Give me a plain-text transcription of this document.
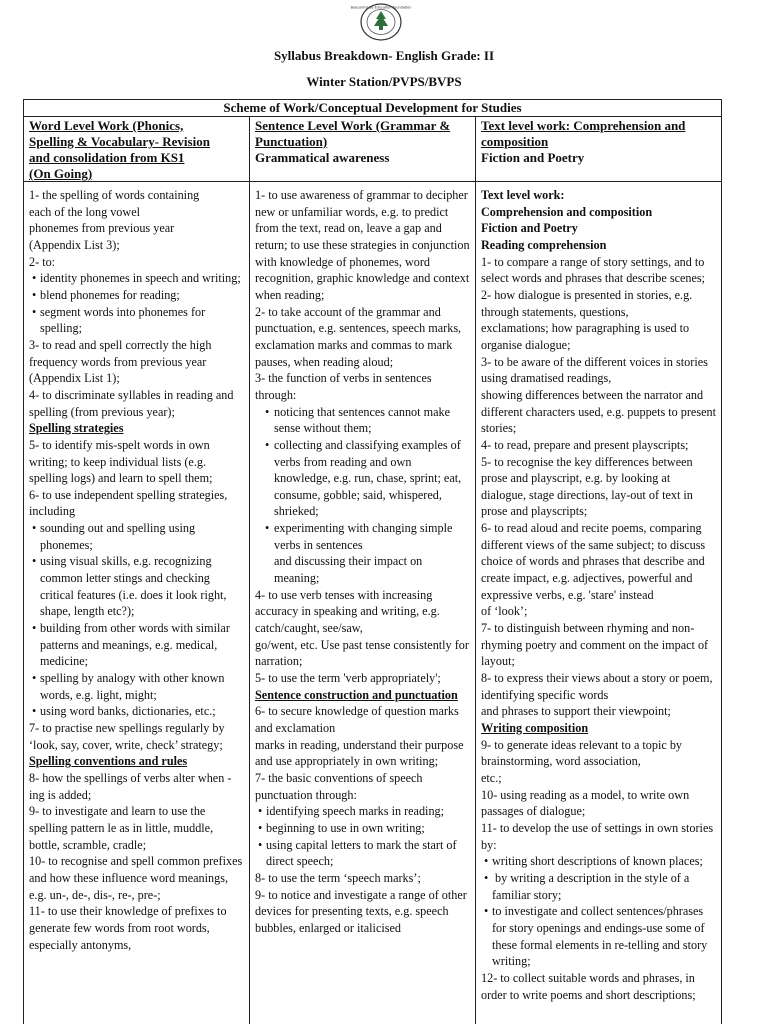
Beaconhouse Education Foundation
Syllabus Breakdown- English Grade: II
Winter Station/PVPS/BVPS
Scheme of Work/Conceptual Development for Studies
Word Level Work (Phonics,
Spelling & Vocabulary- Revision
and consolidation from KS1
(On Going)
Sentence Level Work (Grammar &
Punctuation)
Grammatical awareness
Text level work: Comprehension and
composition
Fiction and Poetry
1- the spelling of words containing
each of the long vowel
phonemes from previous year
(Appendix List 3);
2- to:
• identity phonemes in speech and writing;
• blend phonemes for reading;
• segment words into phonemes for spelling;
3- to read and spell correctly the high frequency words from previous year (Appendix List 1);
4- to discriminate syllables in reading and spelling (from previous year);
Spelling strategies
5- to identify mis-spelt words in own writing; to keep individual lists (e.g. spelling logs) and learn to spell them;
6- to use independent spelling strategies, including
• sounding out and spelling using phonemes;
• using visual skills, e.g. recognizing common letter stings and checking critical features (i.e. does it look right, shape, length etc?);
• building from other words with similar patterns and meanings, e.g. medical, medicine;
• spelling by analogy with other known words, e.g. light, might;
• using word banks, dictionaries, etc.;
7- to practise new spellings regularly by ‘look, say, cover, write, check’ strategy;
Spelling conventions and rules
8- how the spellings of verbs alter when -ing is added;
9- to investigate and learn to use the spelling pattern le as in little, muddle, bottle, scramble, cradle;
10- to recognise and spell common prefixes and how these influence word meanings, e.g. un-, de-, dis-, re-, pre-;
11- to use their knowledge of prefixes to generate few words from root words, especially antonyms,
1- to use awareness of grammar to decipher new or unfamiliar words, e.g. to predict from the text, read on, leave a gap and return; to use these strategies in conjunction with knowledge of phonemes, word recognition, graphic knowledge and context when reading;
2- to take account of the grammar and punctuation, e.g. sentences, speech marks, exclamation marks and commas to mark pauses, when reading aloud;
3- the function of verbs in sentences through:
• noticing that sentences cannot make sense without them;
• collecting and classifying examples of verbs from reading and own knowledge, e.g. run, chase, sprint; eat, consume, gobble; said, whispered, shrieked;
• experimenting with changing simple verbs in sentences
and discussing their impact on meaning;
4- to use verb tenses with increasing accuracy in speaking and writing, e.g. catch/caught, see/saw,
go/went, etc. Use past tense consistently for narration;
5- to use the term 'verb appropriately';
Sentence construction and punctuation
6- to secure knowledge of question marks and exclamation
marks in reading, understand their purpose and use appropriately in own writing;
7- the basic conventions of speech punctuation through:
• identifying speech marks in reading;
• beginning to use in own writing;
• using capital letters to mark the start of direct speech;
8- to use the term ‘speech marks’;
9- to notice and investigate a range of other devices for presenting texts, e.g. speech bubbles, enlarged or italicised
Text level work:
Comprehension and composition
Fiction and Poetry
Reading comprehension
1- to compare a range of story settings, and to select words and phrases that describe scenes;
2- how dialogue is presented in stories, e.g. through statements, questions,
exclamations; how paragraphing is used to organise dialogue;
3- to be aware of the different voices in stories using dramatised readings,
showing differences between the narrator and different characters used, e.g. puppets to present stories;
4- to read, prepare and present playscripts;
5- to recognise the key differences between prose and playscript, e.g. by looking at dialogue, stage directions, lay-out of text in prose and playscripts;
6- to read aloud and recite poems, comparing different views of the same subject; to discuss choice of words and phrases that describe and create impact, e.g. adjectives, powerful and expressive verbs, e.g. 'stare' instead
of ‘look’;
7- to distinguish between rhyming and non-rhyming poetry and comment on the impact of layout;
8- to express their views about a story or poem, identifying specific words
and phrases to support their viewpoint;
Writing composition
9- to generate ideas relevant to a topic by brainstorming, word association,
etc.;
10- using reading as a model, to write own passages of dialogue;
11- to develop the use of settings in own stories by:
• writing short descriptions of known places;
• by writing a description in the style of a familiar story;
• to investigate and collect sentences/phrases for story openings and endings-use some of these formal elements in re-telling and story writing;
12- to collect suitable words and phrases, in order to write poems and short descriptions;
